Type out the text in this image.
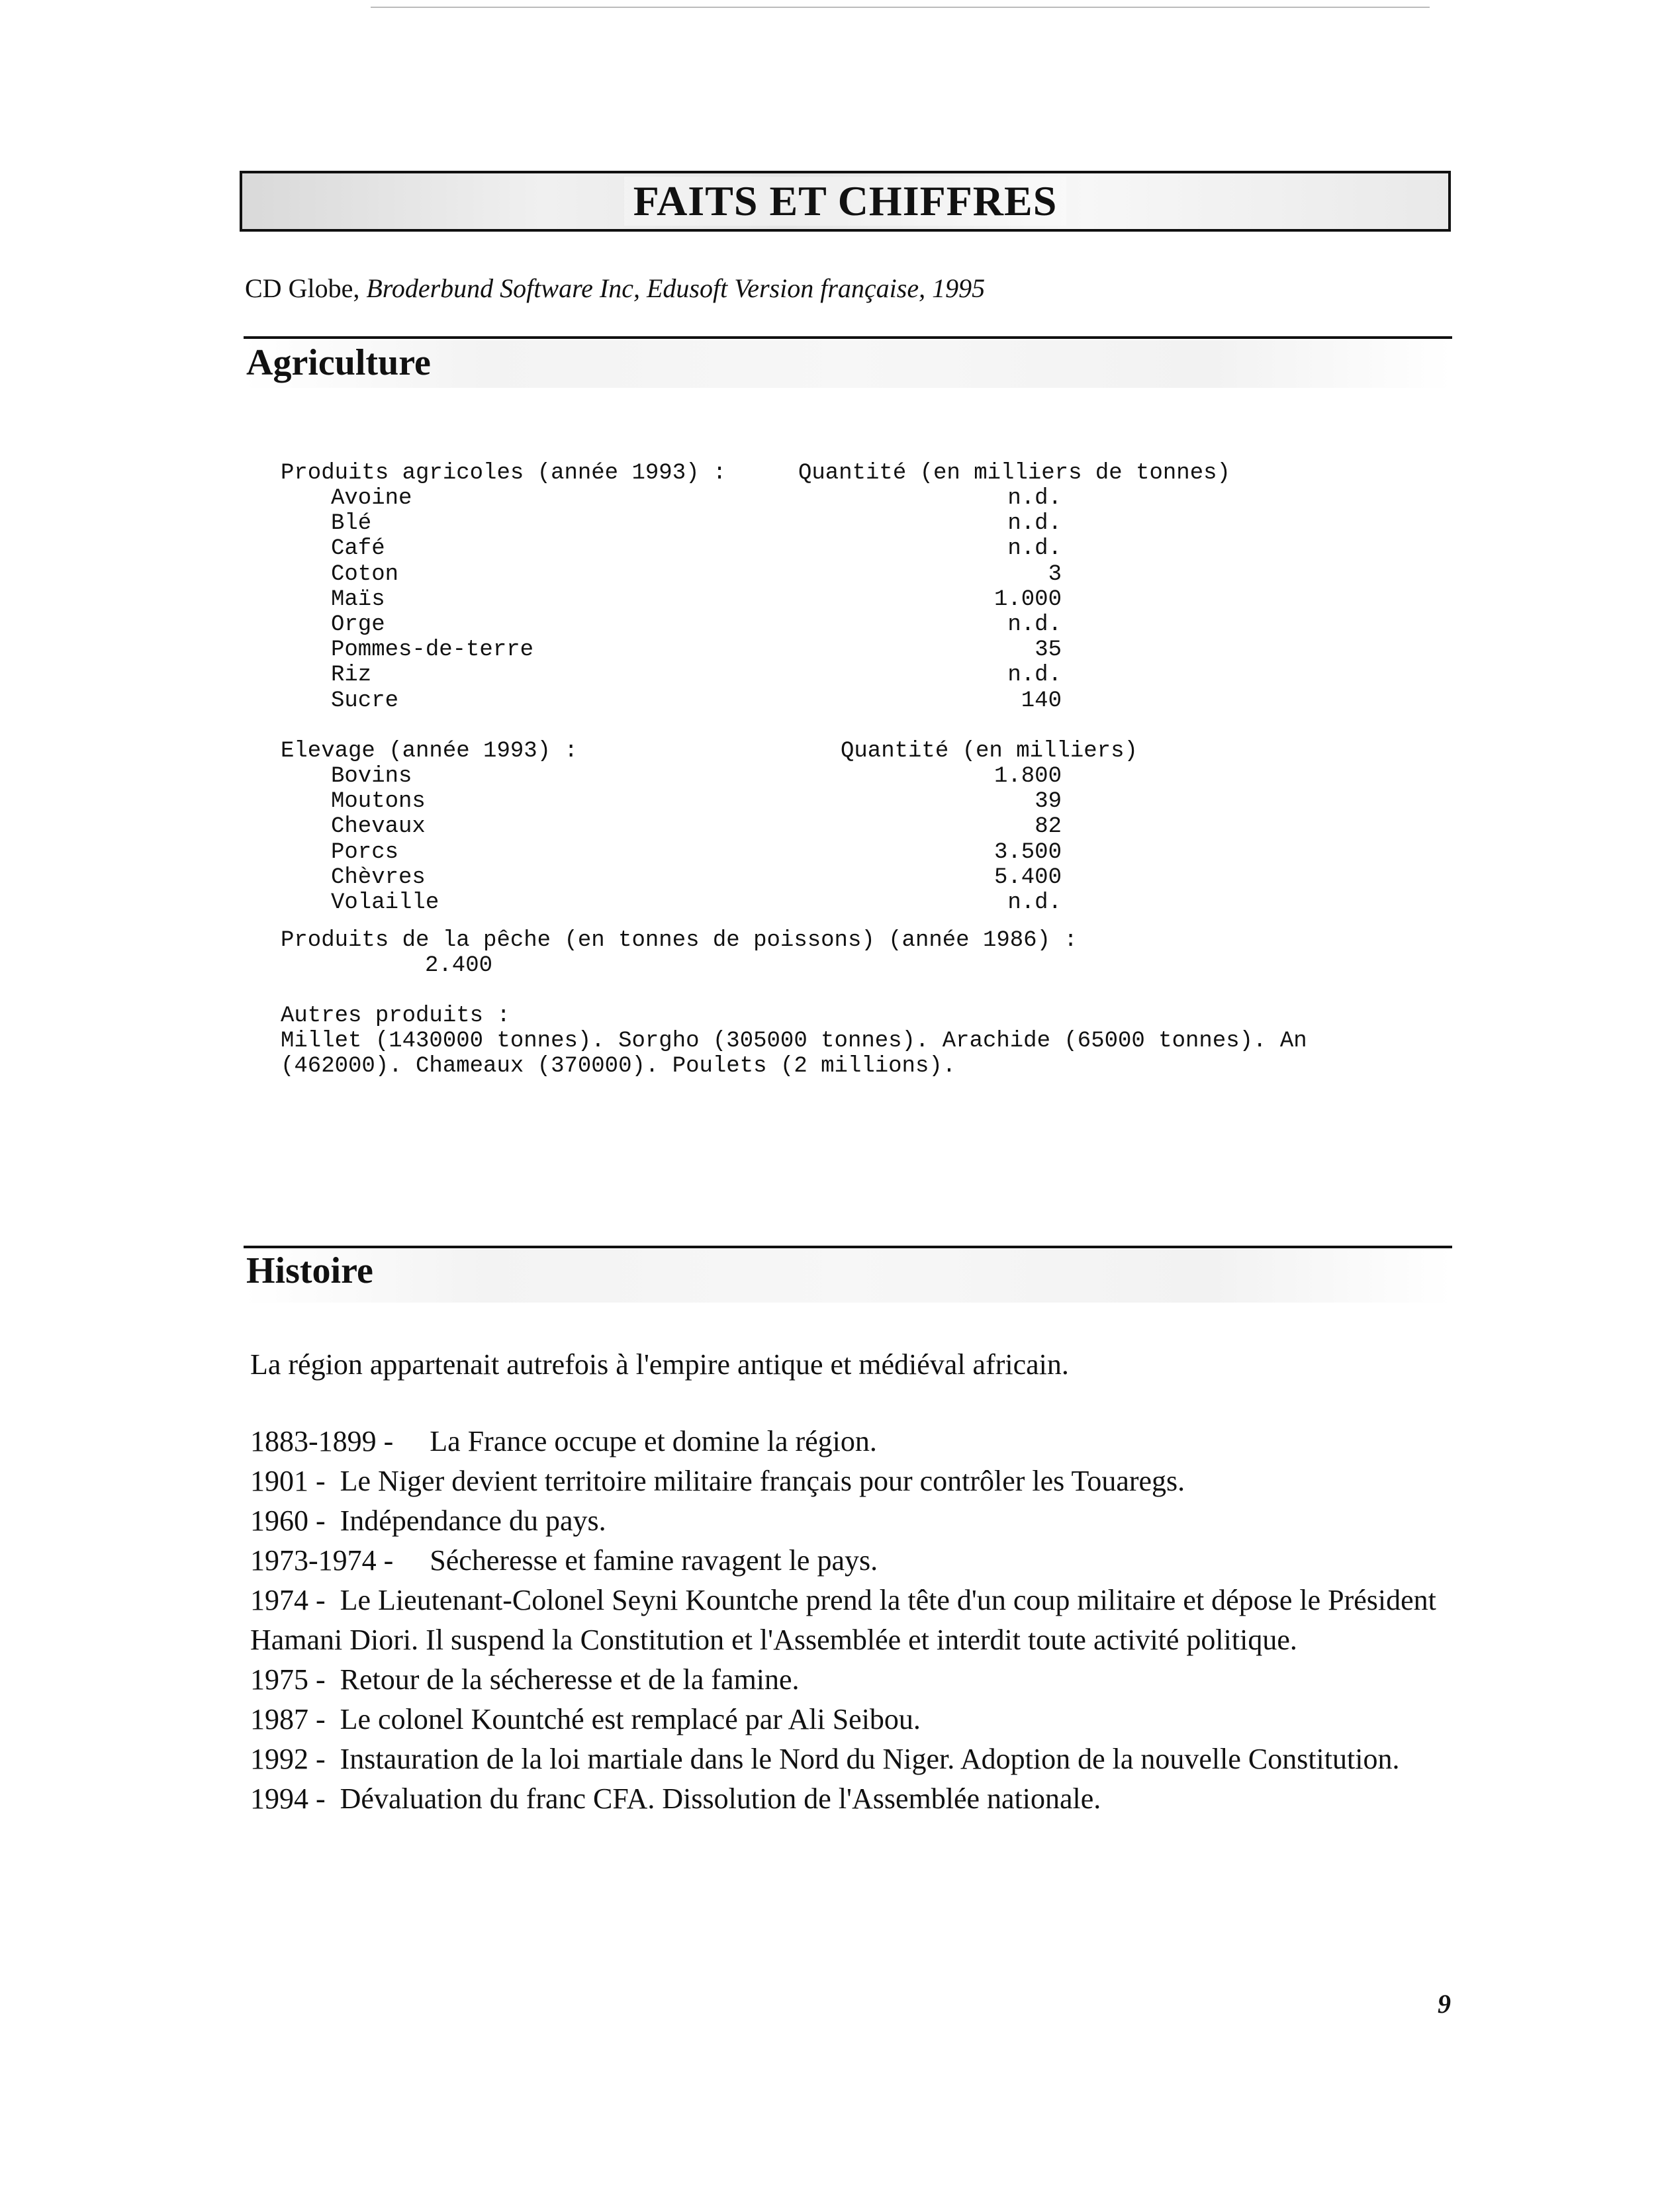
FAITS ET CHIFFRES
CD Globe, Broderbund Software Inc, Edusoft Version française, 1995
Agriculture
Produits agricoles (année 1993) :	Quantité (en milliers de tonnes)
Avoine	n.d.
Blé	n.d.
Café	n.d.
Coton	3
Maïs	1.000
Orge	n.d.
Pommes-de-terre	35
Riz	n.d.
Sucre	140
Elevage (année 1993) :	Quantité (en milliers)
Bovins	1.800
Moutons	39
Chevaux	82
Porcs	3.500
Chèvres	5.400
Volaille	n.d.
Produits de la pêche (en tonnes de poissons) (année 1986) :
2.400
Autres produits :
Millet (1430000 tonnes). Sorgho (305000 tonnes). Arachide (65000 tonnes). An
(462000). Chameaux (370000). Poulets (2 millions).
Histoire

La région appartenait autrefois à l'empire antique et médiéval africain.

1883-1899 -     La France occupe et domine la région.

1901 -  Le Niger devient territoire militaire français pour contrôler les Touaregs.

1960 -  Indépendance du pays.

1973-1974 -     Sécheresse et famine ravagent le pays.

1974 -  Le Lieutenant-Colonel Seyni Kountche prend la tête d'un coup militaire et dépose le Président Hamani Diori. Il suspend la Constitution et l'Assemblée et interdit toute activité politique.

1975 -  Retour de la sécheresse et de la famine.

1987 -  Le colonel Kountché est remplacé par Ali Seibou.

1992 -  Instauration de la loi martiale dans le Nord du Niger. Adoption de la nouvelle Constitution.

1994 -  Dévaluation du franc CFA. Dissolution de l'Assemblée nationale.

9
